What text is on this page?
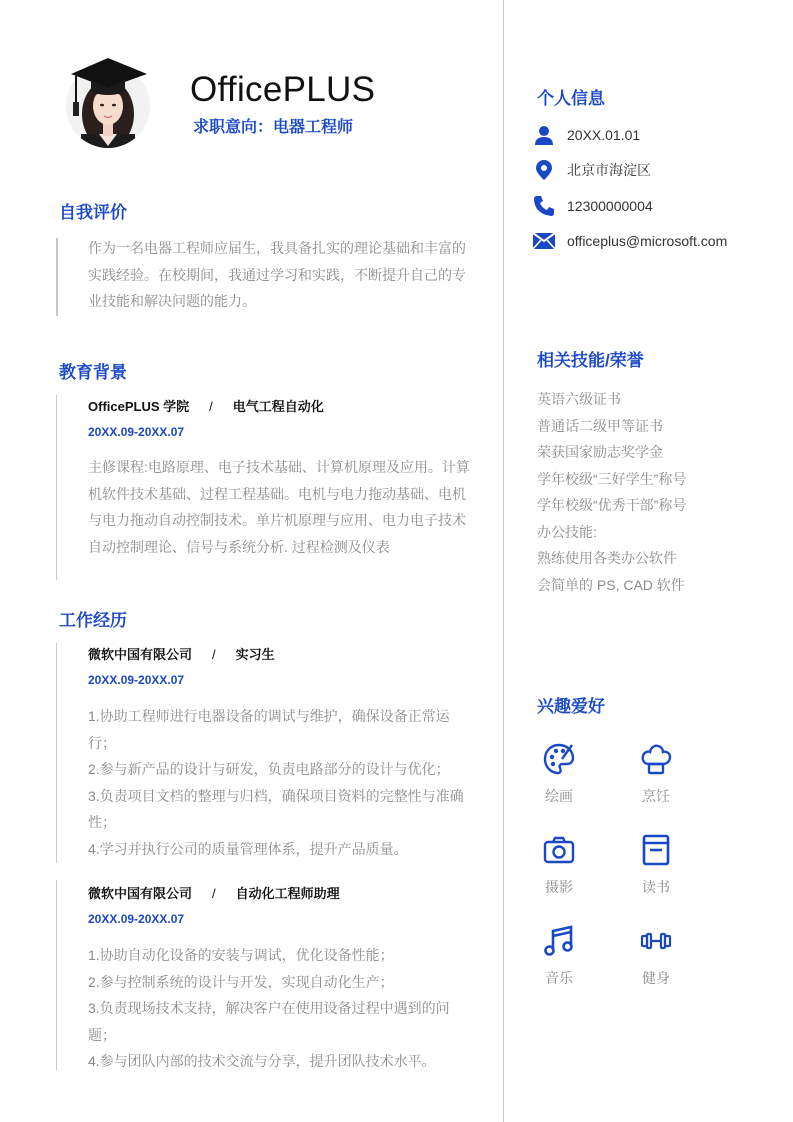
OfficePLUS
求职意向：电器工程师
自我评价
作为一名电器工程师应届生，我具备扎实的理论基础和丰富的实践经验。在校期间，我通过学习和实践，不断提升自己的专业技能和解决问题的能力。
教育背景
OfficePLUS 学院 / 电气工程自动化
20XX.09-20XX.07
主修课程:电路原理、电子技术基础、计算机原理及应用。计算机软件技术基础、过程工程基础。电机与电力拖动基础、电机与电力拖动自动控制技术。单片机原理与应用、电力电子技术自动控制理论、信号与系统分析. 过程检测及仪表
工作经历
微软中国有限公司 / 实习生
20XX.09-20XX.07
1.协助工程师进行电器设备的调试与维护，确保设备正常运行；
2.参与新产品的设计与研发，负责电路部分的设计与优化；
3.负责项目文档的整理与归档，确保项目资料的完整性与准确性；
4.学习并执行公司的质量管理体系，提升产品质量。
微软中国有限公司 / 自动化工程师助理
20XX.09-20XX.07
1.协助自动化设备的安装与调试，优化设备性能；
2.参与控制系统的设计与开发，实现自动化生产；
3.负责现场技术支持，解决客户在使用设备过程中遇到的问题；
4.参与团队内部的技术交流与分享，提升团队技术水平。
个人信息
20XX.01.01
北京市海淀区
12300000004
officeplus@microsoft.com
相关技能/荣誉
英语六级证书
普通话二级甲等证书
荣获国家励志奖学金
学年校级“三好学生”称号
学年校级“优秀干部”称号
办公技能:
熟练使用各类办公软件
会简单的 PS, CAD 软件
兴趣爱好
绘画	烹饪
摄影	读书
音乐	健身
